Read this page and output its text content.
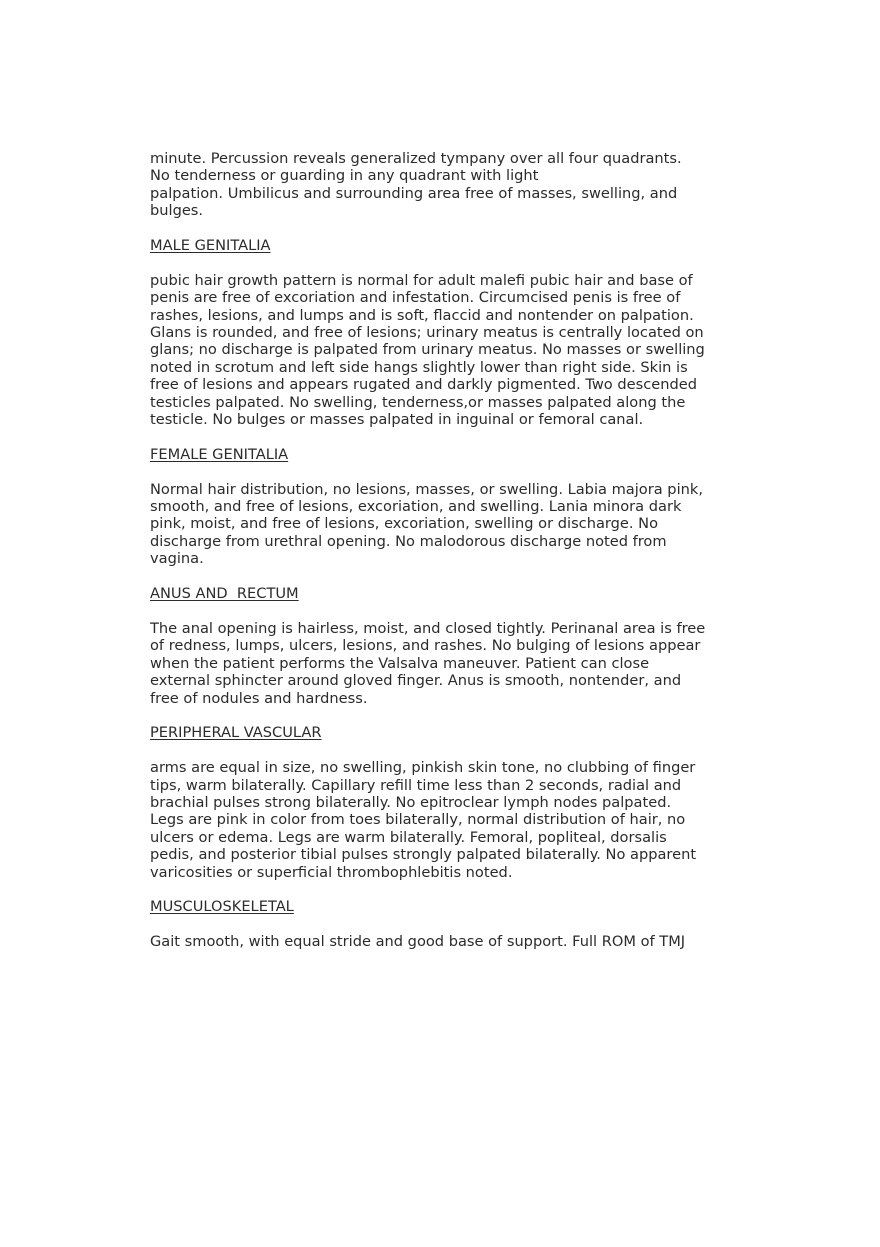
minute. Percussion reveals generalized tympany over all four quadrants.
No tenderness or guarding in any quadrant with light
palpation. Umbilicus and surrounding area free of masses, swelling, and
bulges.

MALE GENITALIA

pubic hair growth pattern is normal for adult malefi pubic hair and base of
penis are free of excoriation and infestation. Circumcised penis is free of
rashes, lesions, and lumps and is soft, flaccid and nontender on palpation.
Glans is rounded, and free of lesions; urinary meatus is centrally located on
glans; no discharge is palpated from urinary meatus. No masses or swelling
noted in scrotum and left side hangs slightly lower than right side. Skin is
free of lesions and appears rugated and darkly pigmented. Two descended
testicles palpated. No swelling, tenderness,or masses palpated along the
testicle. No bulges or masses palpated in inguinal or femoral canal.

FEMALE GENITALIA

Normal hair distribution, no lesions, masses, or swelling. Labia majora pink,
smooth, and free of lesions, excoriation, and swelling. Lania minora dark
pink, moist, and free of lesions, excoriation, swelling or discharge. No
discharge from urethral opening. No malodorous discharge noted from
vagina.

ANUS AND  RECTUM

The anal opening is hairless, moist, and closed tightly. Perinanal area is free
of redness, lumps, ulcers, lesions, and rashes. No bulging of lesions appear
when the patient performs the Valsalva maneuver. Patient can close
external sphincter around gloved finger. Anus is smooth, nontender, and
free of nodules and hardness.

PERIPHERAL VASCULAR

arms are equal in size, no swelling, pinkish skin tone, no clubbing of finger
tips, warm bilaterally. Capillary refill time less than 2 seconds, radial and
brachial pulses strong bilaterally. No epitroclear lymph nodes palpated.
Legs are pink in color from toes bilaterally, normal distribution of hair, no
ulcers or edema. Legs are warm bilaterally. Femoral, popliteal, dorsalis
pedis, and posterior tibial pulses strongly palpated bilaterally. No apparent
varicosities or superficial thrombophlebitis noted.

MUSCULOSKELETAL

Gait smooth, with equal stride and good base of support. Full ROM of TMJ
